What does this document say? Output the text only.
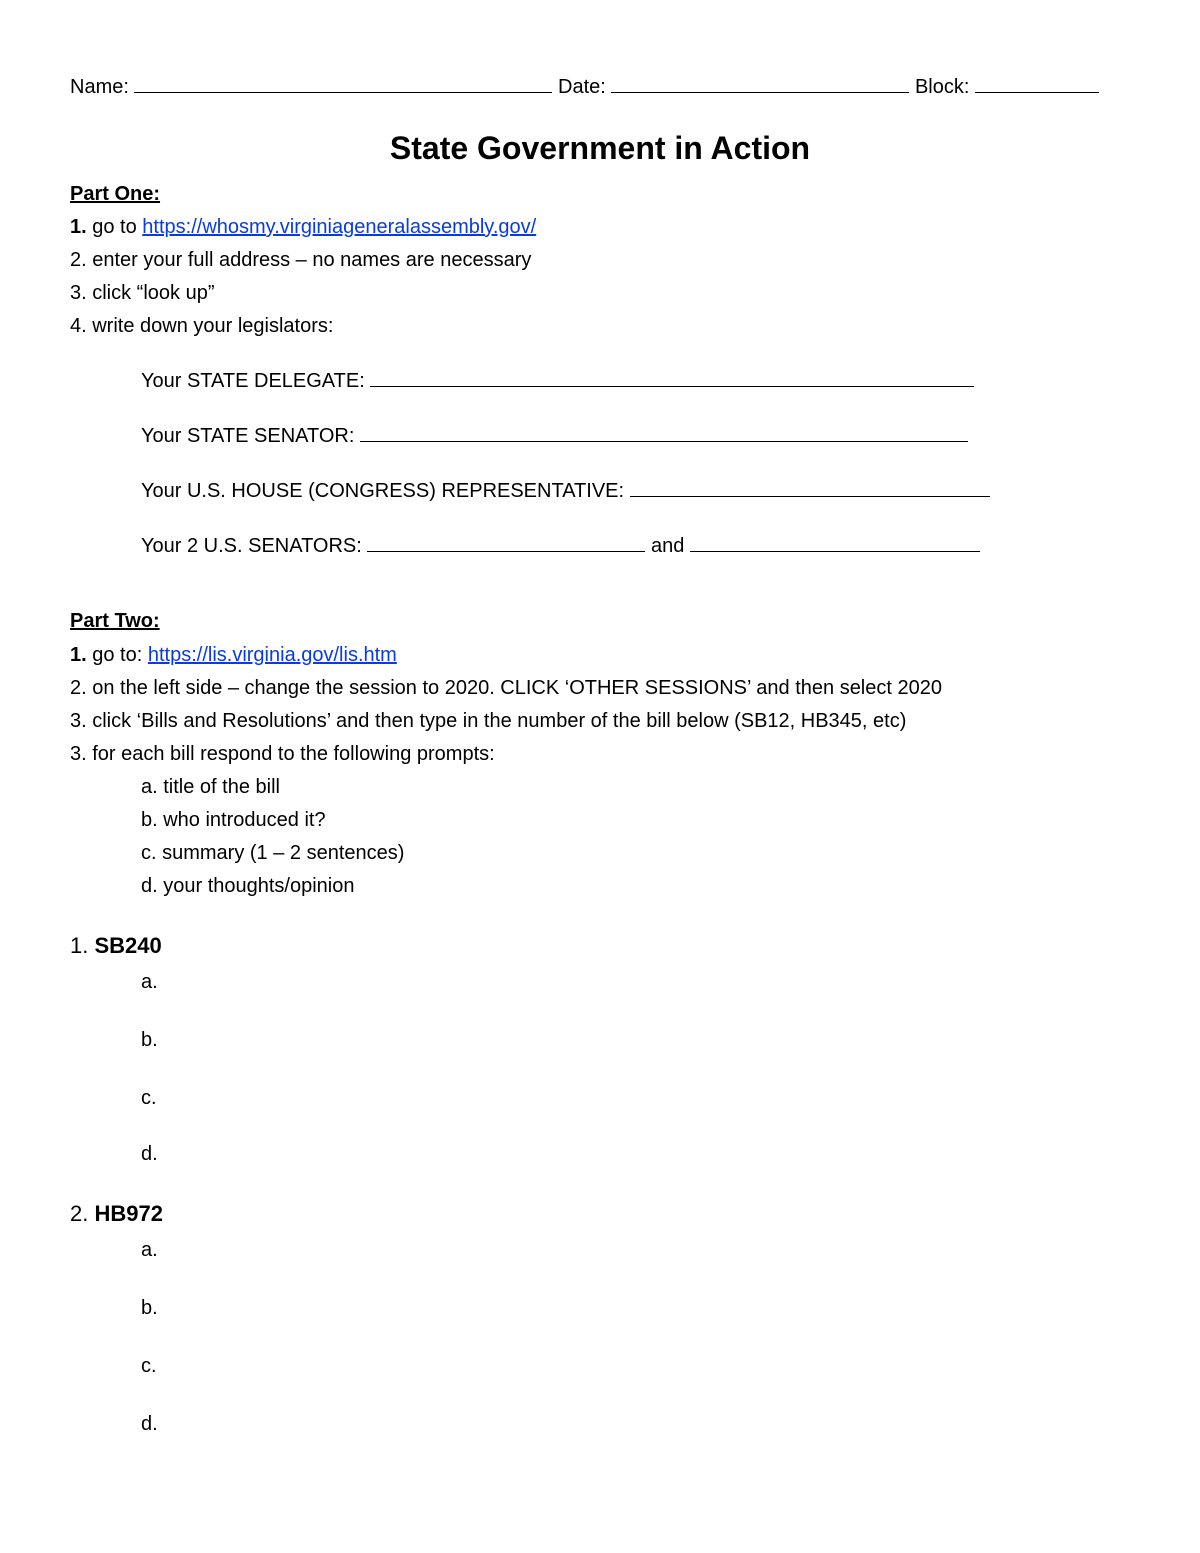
Name:	Date:	Block:
State Government in Action
Part One:
1. go to https://whosmy.virginiageneralassembly.gov/
2. enter your full address – no names are necessary
3. click “look up”
4. write down your legislators:
Your STATE DELEGATE:
Your STATE SENATOR:
Your U.S. HOUSE (CONGRESS) REPRESENTATIVE:
Your 2 U.S. SENATORS:	and
Part Two:
1. go to: https://lis.virginia.gov/lis.htm
2. on the left side – change the session to 2020. CLICK ‘OTHER SESSIONS’ and then select 2020
3. click ‘Bills and Resolutions’ and then type in the number of the bill below (SB12, HB345, etc)
3. for each bill respond to the following prompts:
a. title of the bill
b. who introduced it?
c. summary (1 – 2 sentences)
d. your thoughts/opinion
1. SB240
a.
b.
c.
d.
2. HB972
a.
b.
c.
d.
